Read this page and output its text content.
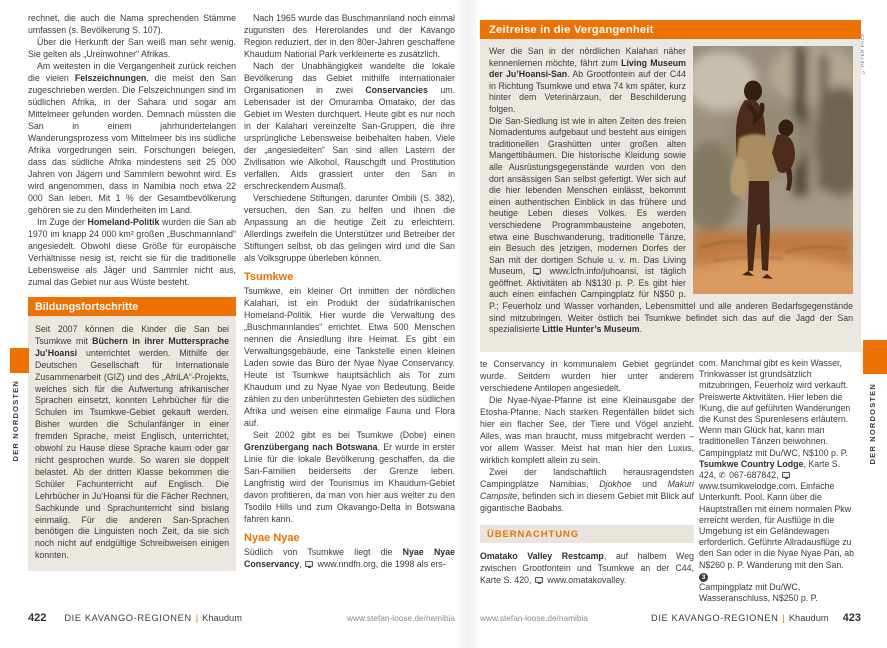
rechnet, die auch die Nama sprechenden Stämme umfassen (s. Bevölkerung S. 107).

Über die Herkunft der San weiß man sehr wenig. Sie gelten als „Ureinwohner“ Afrikas.

Am weitesten in die Vergangenheit zurück reichen die vielen Felszeichnungen, die meist den San zugeschrieben werden. Die Felszeichnungen sind im südlichen Afrika, in der Sahara und sogar am Mittelmeer gefunden worden. Demnach müssten die San in einem jahrhundertelangen Wanderungsprozess vom Mittelmeer bis ins südliche Afrika vorgedrungen sein. Forschungen belegen, dass das südliche Afrika mindestens seit 25 000 Jahren von Jägern und Sammlern bewohnt wird. Es wird angenommen, dass in Namibia noch etwa 22 000 San leben. Mit 1 % der Gesamtbevölkerung gehören sie zu den Minderheiten im Land.

Im Zuge der Homeland-Politik wurden die San ab 1970 im knapp 24 000 km² großen „Buschmannland“ angesiedelt. Obwohl diese Größe für europäische Verhältnisse riesig ist, reicht sie für die traditionelle Lebensweise als Jäger und Sammler nicht aus, zumal das Gebiet nur aus Wüste besteht.

Bildungsfortschritte

Seit 2007 können die Kinder die San bei Tsumkwe mit Büchern in ihrer Muttersprache Ju’Hoansi unterrichtet werden. Mithilfe der Deutschen Gesellschaft für Internationale Zusammenarbeit (GIZ) und des „AfriLA“-Projekts, welches sich für die Aufwertung afrikanischer Sprachen einsetzt, konnten Lehrbücher für die Schulen im Tsumkwe-Gebiet gekauft werden. Bisher wurden die Schulanfänger in einer fremden Sprache, meist Englisch, unterrichtet, obwohl zu Hause diese Sprache kaum oder gar nicht gesprochen wurde. So waren sie doppelt belastet. Ab der dritten Klasse bekommen die Schüler Fachunterricht auf Englisch. Die Lehrbücher in Ju’Hoansi für die Fächer Rechnen, Sachkunde und Sprachunterricht sind bislang einmalig. Für die anderen San-Sprachen benötigen die Linguisten noch Zeit, da sie sich noch nicht auf endgültige Schreibweisen einigen konnten.

Nach 1965 wurde das Buschmannland noch einmal zugunsten des Hererolandes und der Kavango Region reduziert, der in den 80er-Jahren geschaffene Khaudum National Park verkleinerte es zusätzlich.

Nach der Unabhängigkeit wandelte die lokale Bevölkerung das Gebiet mithilfe internationaler Organisationen in zwei Conservancies um. Lebensader ist der Omuramba Omatako, der das Gebiet im Westen durchquert. Heute gibt es nur noch in der Kalahari vereinzelte San-Gruppen, die ihre ursprüngliche Lebensweise beibehalten haben. Viele der „angesiedelten“ San sind allen Lastern der Zivilisation wie Alkohol, Rauschgift und Prostitution verfallen. Aids grassiert unter den San in erschreckendem Ausmaß.

Verschiedene Stiftungen, darunter Ombili (S. 382), versuchen, den San zu helfen und ihnen die Anpassung an die heutige Zeit zu erleichtern. Allerdings zweifeln die Unterstützer und Betreiber der Stiftungen selbst, ob das gelingen wird und die San als Volksgruppe überleben können.

Tsumkwe

Tsumkwe, ein kleiner Ort inmitten der nördlichen Kalahari, ist ein Produkt der südafrikanischen Homeland-Politik. Hier wurde die Verwaltung des „Buschmannlandes“ errichtet. Etwa 500 Menschen nennen die Ansiedlung ihre Heimat. Es gibt ein Verwaltungsgebäude, eine Tankstelle einen kleinen Laden sowie das Büro der Nyae Nyae Conservancy. Heute ist Tsumkwe hauptsächlich als Tor zum Khaudum und zu Nyae Nyae von Bedeutung. Beide zählen zu den unberührtesten Gebieten des südlichen Afrika und weisen eine einmalige Fauna und Flora auf.

Seit 2002 gibt es bei Tsumkwe (Dobe) einen Grenzübergang nach Botswana. Er wurde in erster Linie für die lokale Bevölkerung geschaffen, da die San-Familien beiderseits der Grenze leben. Langfristig wird der Tourismus im Khaudum-Gebiet davon profitieren, da man von hier aus weiter zu den Tsodilo Hills und zum Okavango-Delta in Botswana fahren kann.

Nyae Nyae

Südlich von Tsumkwe liegt die Nyae Nyae Conservancy,  www.nndfn.org, die 1998 als ers-

DER NORDOSTEN
422 DIE KAVANGO-REGIONEN | Khaudum	www.stefan-loose.de/namibia
Zeitreise in die Vergangenheit

Wer die San in der nördlichen Kalahari näher kennenlernen möchte, fährt zum Living Museum der Ju’Hoansi-San. Ab Grootfontein auf der C44 in Richtung Tsumkwe und etwa 74 km später, kurz hinter dem Veterinärzaun, der Beschilderung folgen.

Die San-Siedlung ist wie in alten Zeiten des freien Nomadentums aufgebaut und besteht aus einigen traditionellen Grashütten unter großen alten Mangettibäumen. Die historische Kleidung sowie alle Ausrüstungsgegenstände wurden von den dort ansässigen San selbst gefertigt. Wer sich auf die hier lebenden Menschen einlässt, bekommt einen authentischen Einblick in das frühere und heutige Leben dieses Volkes. Es werden verschiedene Programmbausteine angeboten, etwa eine Buschwanderung, traditionelle Tänze, ein Besuch des jetzigen, modernen Dorfes der San mit der dortigen Schule u. v. m. Das Living Museum,  www.lcfn.info/juhoansi, ist täglich geöffnet. Aktivitäten ab N$130 p. P. Es gibt hier auch einen einfachen Campingplatz für N$50 p. P.; Feuerholz und Wasser vorhanden, Lebensmittel und alle anderen Bedarfsgegenstände sind mitzubringen. Weiter östlich bei Tsumkwe befindet sich das auf die Jagd der San spezialisierte Little Hunter’s Museum.

© PETER PACK

te Conservancy in kommunalem Gebiet gegründet wurde. Seitdem wurden hier unter anderem verschiedene Antilopen angesiedelt.

Die Nyae-Nyae-Pfanne ist eine Kleinausgabe der Etosha-Pfanne. Nach starken Regenfällen bildet sich hier ein flacher See, der Tiere und Vögel anzieht. Alles, was man braucht, muss mitgebracht werden – vor allem Wasser. Meist hat man hier den Luxus, wirklich komplett allein zu sein.

Zwei der landschaftlich herausragendsten Campingplätze Namibias, Djokhoe und Makuri Campsite, befinden sich in diesem Gebiet mit Blick auf gigantische Baobabs.

ÜBERNACHTUNG

Omatako Valley Restcamp, auf halbem Weg zwischen Grootfontein und Tsumkwe an der C44, Karte S. 420,  www.omatakovalley.

com. Manchmal gibt es kein Wasser, Trinkwasser ist grundsätzlich mitzubringen, Feuerholz wird verkauft. Preiswerte Aktivitäten. Hier leben die !Kung, die auf geführten Wanderungen die Kunst des Spurenlesens erläutern. Wenn man Glück hat, kann man traditionellen Tänzen beiwohnen.

Campingplatz mit Du/WC, N$100 p. P.

Tsumkwe Country Lodge, Karte S. 424, ✆ 067-687842,  www.tsumkwelodge.com. Einfache Unterkunft. Pool. Kann über die Hauptstraßen mit einem normalen Pkw erreicht werden, für Ausflüge in die Umgebung ist ein Geländewagen erforderlich. Geführte Allradausflüge zu den San oder in die Nyae Nyae Pan, ab N$260 p. P. Wanderung mit den San. 3

Campingplatz mit Du/WC, Wasseranschluss, N$250 p. P.

DER NORDOSTEN
www.stefan-loose.de/namibia	DIE KAVANGO-REGIONEN | Khaudum 423
